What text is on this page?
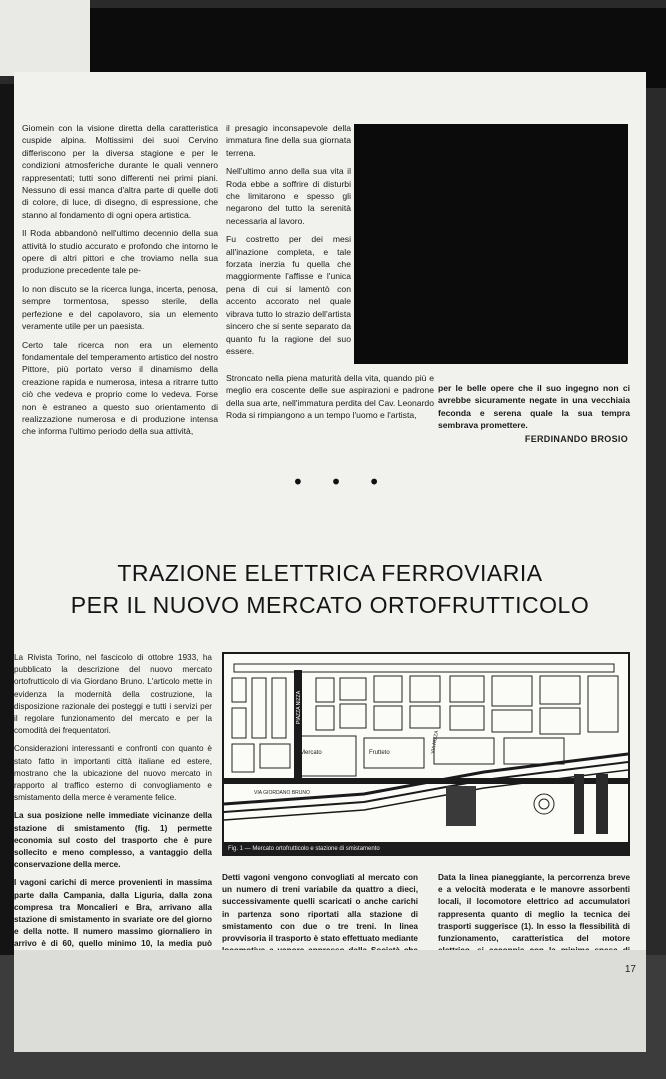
Giomein con la visione diretta della caratteristica cuspide alpina. Moltissimi dei suoi Cervino differiscono per la diversa stagione e per le condizioni atmosferiche durante le quali vennero rappresentati; tutti sono differenti nei primi piani. Nessuno di essi manca d'altra parte di quelle doti di colore, di luce, di disegno, di espressione, che stanno al fondamento di ogni opera artistica.

Il Roda abbandonò nell'ultimo decennio della sua attività lo studio accurato e profondo che intorno le opere di altri pittori e che troviamo nella sua produzione precedente tale pe-

Io non discuto se la ricerca lunga, incerta, penosa, sempre tormentosa, spesso sterile, della perfezione e del capolavoro, sia un elemento veramente utile per un paesista.

Certo tale ricerca non era un elemento fondamentale del temperamento artistico del nostro Pittore, più portato verso il dinamismo della creazione rapida e numerosa, intesa a ritrarre tutto ciò che vedeva e proprio come lo vedeva. Forse non è estraneo a questo suo orientamento di realizzazione numerosa e di produzione intensa che informa l'ultimo periodo della sua attività,

il presagio inconsapevole della immatura fine della sua giornata terrena.

Nell'ultimo anno della sua vita il Roda ebbe a soffrire di disturbi che limitarono e spesso gli negarono del tutto la serenità necessaria al lavoro.

Fu costretto per dei mesi all'inazione completa, e tale forzata inerzia fu quella che maggiormente l'affisse e l'unica pena di cui si lamentò con accento accorato nel quale vibrava tutto lo strazio dell'artista sincero che si sente separato da quanto fu la ragione del suo essere.

Stroncato nella piena maturità della vita, quando più e meglio era coscente delle sue aspirazioni e padrone della sua arte, nell'immatura perdita del Cav. Leonardo Roda si rimpiangono a un tempo l'uomo e l'artista,

per le belle opere che il suo ingegno non ci avrebbe sicuramente negate in una vecchiaia feconda e serena quale la sua tempra sembrava promettere.

FERDINANDO BROSIO
• • •
TRAZIONE ELETTRICA FERROVIARIA
PER IL NUOVO MERCATO ORTOFRUTTICOLO

La Rivista Torino, nel fascicolo di ottobre 1933, ha pubblicato la descrizione del nuovo mercato ortofrutticolo di via Giordano Bruno. L'articolo mette in evidenza la modernità della costruzione, la disposizione razionale dei posteggi e tutti i servizi per il regolare funzionamento del mercato e per la comodità dei frequentatori.

Considerazioni interessanti e confronti con quanto è stato fatto in importanti città italiane ed estere, mostrano che la ubicazione del nuovo mercato in rapporto al traffico esterno di convogliamento e smistamento della merce è veramente felice.

La sua posizione nelle immediate vicinanze della stazione di smistamento (fig. 1) permette economia sul costo del trasporto che è pure sollecito e meno complesso, a vantaggio della conservazione della merce.

I vagoni carichi di merce provenienti in massima parte dalla Campania, dalla Liguria, dalla zona compresa tra Moncalieri e Bra, arrivano alla stazione di smistamento in svariate ore del giorno e della notte. Il numero massimo giornaliero in arrivo è di 60, quello minimo 10, la media può

PIAZZA NIZZA
VIA NIZZA
VIA GIORDANO BRUNO
Mercato	Frutteto
Fig. 1 — Mercato ortofrutticolo e stazione di smistamento

Detti vagoni vengono convogliati al mercato con un numero di treni variabile da quattro a dieci, successivamente quelli scaricati o anche carichi in partenza sono riportati alla stazione di smistamento con due o tre treni. In linea provvisoria il trasporto è stato effettuato mediante

Data la linea pianeggiante, la percorrenza breve e a velocità moderata e le manovre assorbenti locali, il locomotore elettrico ad accumulatori rappresenta quanto di meglio la tecnica dei trasporti suggerisce (1). In esso la flessibilità di funzionamento, caratteristica del motore

17
